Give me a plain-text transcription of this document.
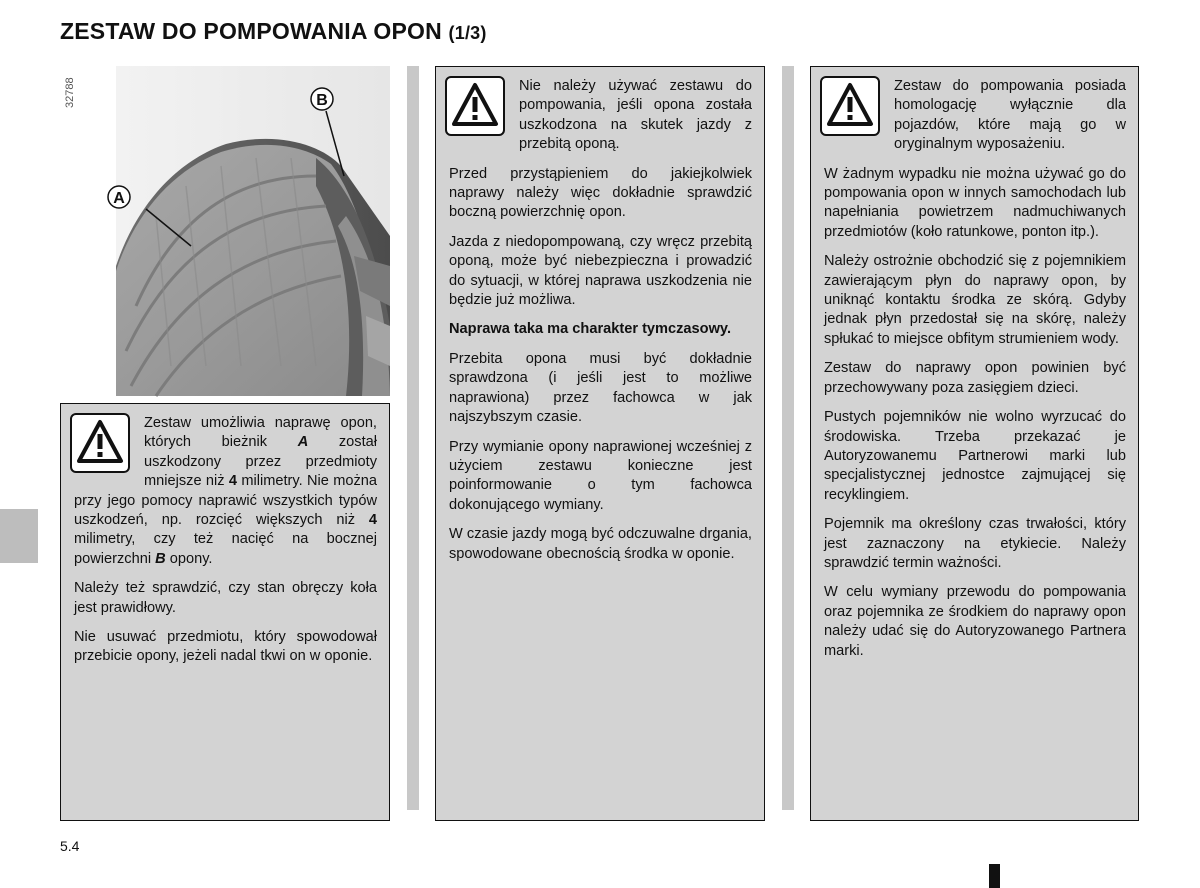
ZESTAW DO POMPOWANIA OPON (1/3)
32788
A
B

Zestaw umożliwia naprawę opon, których bieżnik A został uszkodzony przez przedmioty mniejsze niż 4 milimetry. Nie można przy jego pomocy naprawić wszystkich typów uszkodzeń, np. rozcięć większych niż 4 milimetry, czy też nacięć na bocznej powierzchni B opony.

Należy też sprawdzić, czy stan obręczy koła jest prawidłowy.

Nie usuwać przedmiotu, który spowodował przebicie opony, jeżeli nadal tkwi on w oponie.

Nie należy używać zestawu do pompowania, jeśli opona została uszkodzona na skutek jazdy z przebitą oponą.

Przed przystąpieniem do jakiejkolwiek naprawy należy więc dokładnie sprawdzić boczną powierzchnię opon.

Jazda z niedopompowaną, czy wręcz przebitą oponą, może być niebezpieczna i prowadzić do sytuacji, w której naprawa uszkodzenia nie będzie już możliwa.

Naprawa taka ma charakter tymczasowy.

Przebita opona musi być dokładnie sprawdzona (i jeśli jest to możliwe naprawiona) przez fachowca w jak najszybszym czasie.

Przy wymianie opony naprawionej wcześniej z użyciem zestawu konieczne jest poinformowanie o tym fachowca dokonującego wymiany.

W czasie jazdy mogą być odczuwalne drgania, spowodowane obecnością środka w oponie.

Zestaw do pompowania posiada homologację wyłącznie dla pojazdów, które mają go w oryginalnym wyposażeniu.

W żadnym wypadku nie można używać go do pompowania opon w innych samochodach lub napełniania powietrzem nadmuchiwanych przedmiotów (koło ratunkowe, ponton itp.).

Należy ostrożnie obchodzić się z pojemnikiem zawierającym płyn do naprawy opon, by uniknąć kontaktu środka ze skórą. Gdyby jednak płyn przedostał się na skórę, należy spłukać to miejsce obfitym strumieniem wody.

Zestaw do naprawy opon powinien być przechowywany poza zasięgiem dzieci.

Pustych pojemników nie wolno wyrzucać do środowiska. Trzeba przekazać je Autoryzowanemu Partnerowi marki lub specjalistycznej jednostce zajmującej się recyklingiem.

Pojemnik ma określony czas trwałości, który jest zaznaczony na etykiecie. Należy sprawdzić termin ważności.

W celu wymiany przewodu do pompowania oraz pojemnika ze środkiem do naprawy opon należy udać się do Autoryzowanego Partnera marki.

5.4
